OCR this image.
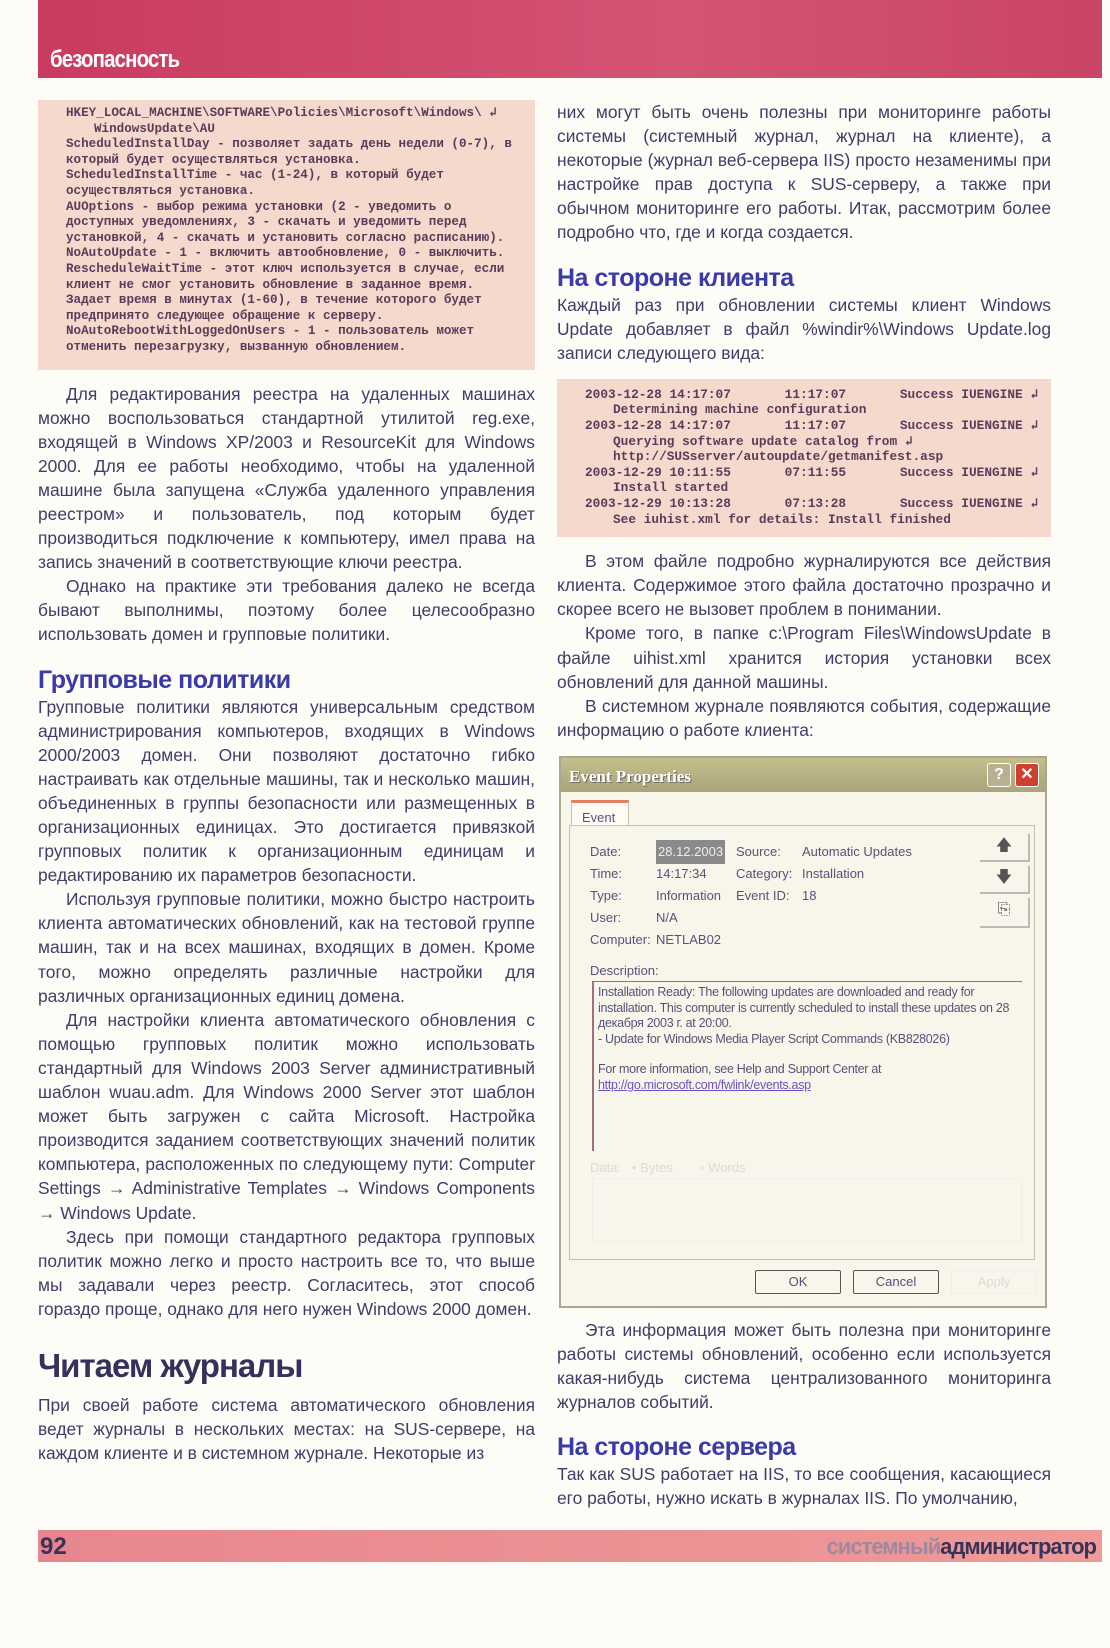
безопасность
HKEY_LOCAL_MACHINE\SOFTWARE\Policies\Microsoft\Windows\ ↲
WindowsUpdate\AU
ScheduledInstallDay - позволяет задать день недели (0-7), в который будет осуществляться установка.
ScheduledInstallTime - час (1-24), в который будет осуществляться установка.
AUOptions - выбор режима установки (2 - уведомить о доступных уведомлениях, 3 - скачать и уведомить перед установкой, 4 - скачать и установить согласно расписанию).
NoAutoUpdate - 1 - включить автообновление, 0 - выключить.
RescheduleWaitTime - этот ключ используется в случае, если клиент не смог установить обновление в заданное время. Задает время в минутах (1-60), в течение которого будет предпринято следующее обращение к серверу.
NoAutoRebootWithLoggedOnUsers - 1 - пользователь может отменить перезагрузку, вызванную обновлением.

Для редактирования реестра на удаленных машинах можно воспользоваться стандартной утилитой reg.exe, входящей в Windows XP/2003 и ResourceKit для Windows 2000. Для ее работы необходимо, чтобы на удаленной машине была запущена «Служба удаленного управления реестром» и пользователь, под которым будет производиться подключение к компьютеру, имел права на запись значений в соответствующие ключи реестра.

Однако на практике эти требования далеко не всегда бывают выполнимы, поэтому более целесообразно использовать домен и групповые политики.

Групповые политики

Групповые политики являются универсальным средством администрирования компьютеров, входящих в Windows 2000/2003 домен. Они позволяют достаточно гибко настраивать как отдельные машины, так и несколько машин, объединенных в группы безопасности или размещенных в организационных единицах. Это достигается привязкой групповых политик к организационным единицам и редактированию их параметров безопасности.

Используя групповые политики, можно быстро настроить клиента автоматических обновлений, как на тестовой группе машин, так и на всех машинах, входящих в домен. Кроме того, можно определять различные настройки для различных организационных единиц домена.

Для настройки клиента автоматического обновления с помощью групповых политик можно использовать стандартный для Windows 2003 Server административный шаблон wuau.adm. Для Windows 2000 Server этот шаблон может быть загружен с сайта Microsoft. Настройка производится заданием соответствующих значений политик компьютера, расположенных по следующему пути: Computer Settings → Administrative Templates → Windows Components → Windows Update.

Здесь при помощи стандартного редактора групповых политик можно легко и просто настроить все то, что выше мы задавали через реестр. Согласитесь, этот способ гораздо проще, однако для него нужен Windows 2000 домен.

Читаем журналы

При своей работе система автоматического обновления ведет журналы в нескольких местах: на SUS-сервере, на каждом клиенте и в системном журнале. Некоторые из

них могут быть очень полезны при мониторинге работы системы (системный журнал, журнал на клиенте), а некоторые (журнал веб-сервера IIS) просто незаменимы при настройке прав доступа к SUS-серверу, а также при обычном мониторинге его работы. Итак, рассмотрим более подробно что, где и когда создается.

На стороне клиента

Каждый раз при обновлении системы клиент Windows Update добавляет в файл %windir%\Windows Update.log записи следующего вида:

2003-12-28 14:17:07       11:17:07       Success IUENGINE ↲
Determining machine configuration
2003-12-28 14:17:07       11:17:07       Success IUENGINE ↲
Querying software update catalog from ↲
http://SUSserver/autoupdate/getmanifest.asp
2003-12-29 10:11:55       07:11:55       Success IUENGINE ↲
Install started
2003-12-29 10:13:28       07:13:28       Success IUENGINE ↲
See iuhist.xml for details: Install finished

В этом файле подробно журналируются все действия клиента. Содержимое этого файла достаточно прозрачно и скорее всего не вызовет проблем в понимании.

Кроме того, в папке c:\Program Files\WindowsUpdate в файле uihist.xml хранится история установки всех обновлений для данной машины.

В системном журнале появляются события, содержащие информацию о работе клиента:

Event Properties	?	✕
Event
Date:	28.12.2003
Time:	14:17:34
Type:	Information
User:	N/A
Computer: NETLAB02
Source: Automatic Updates
Category: Installation
Event ID: 18
🡅
🡇
⎘
Description:
Installation Ready: The following updates are downloaded and ready for installation. This computer is currently scheduled to install these updates on 28 декабря 2003 г. at 20:00.
- Update for Windows Media Player Script Commands (KB828026)
For more information, see Help and Support Center at
http://go.microsoft.com/fwlink/events.asp
Data: • Bytes ◦ Words
OK	Cancel	Apply

Эта информация может быть полезна при мониторинге работы системы обновлений, особенно если используется какая-нибудь система централизованного мониторинга журналов событий.

На стороне сервера

Так как SUS работает на IIS, то все сообщения, касающиеся его работы, нужно искать в журналах IIS. По умолчанию,

92	системныйадминистратор
